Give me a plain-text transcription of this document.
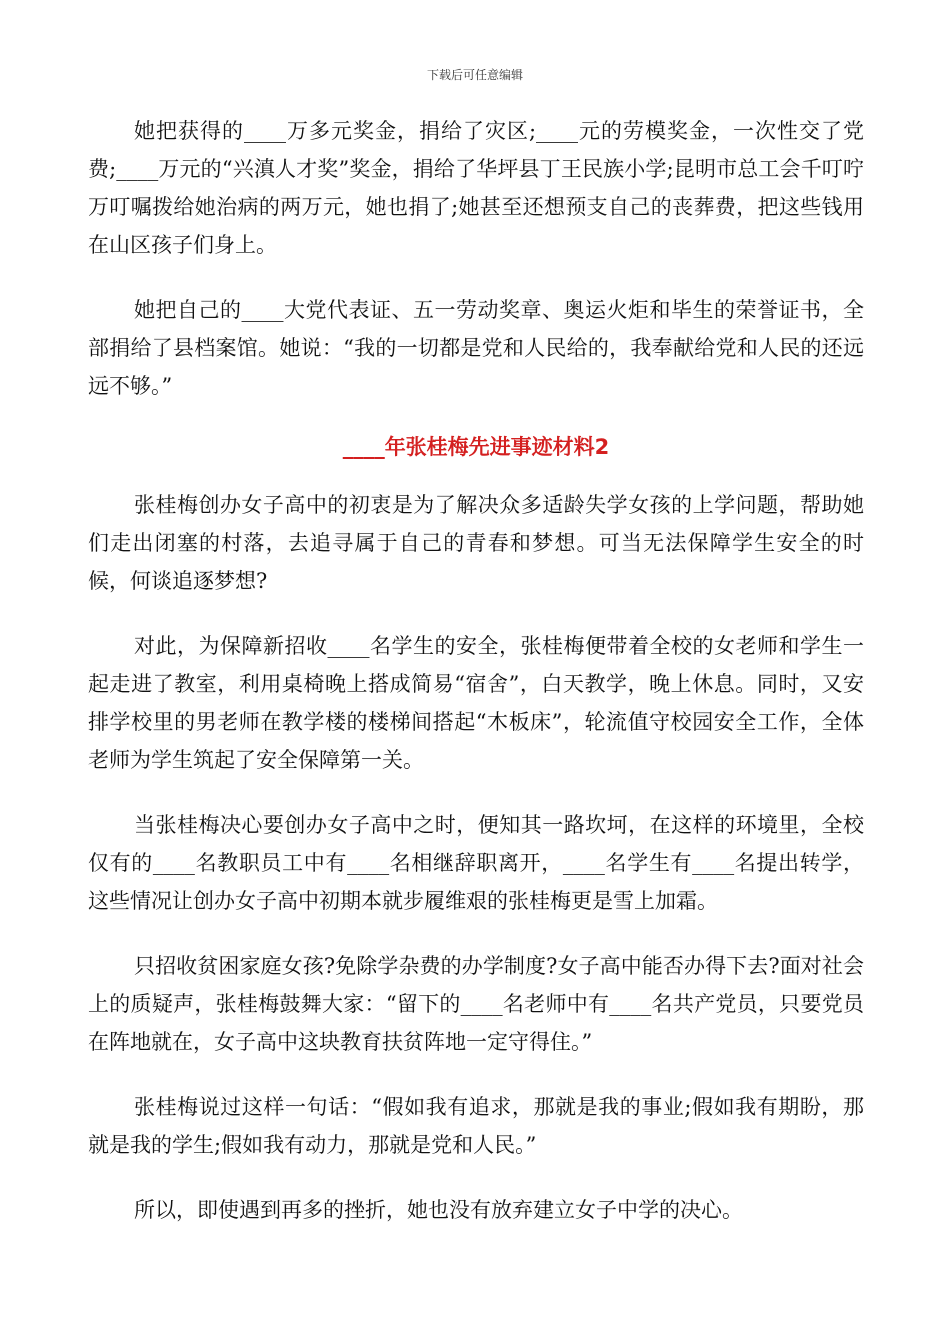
下载后可任意编辑

她把获得的____万多元奖金，捐给了灾区;____元的劳模奖金，一次性交了党费;____万元的“兴滇人才奖”奖金，捐给了华坪县丁王民族小学;昆明市总工会千叮咛万叮嘱拨给她治病的两万元，她也捐了;她甚至还想预支自己的丧葬费，把这些钱用在山区孩子们身上。

她把自己的____大党代表证、五一劳动奖章、奥运火炬和毕生的荣誉证书，全部捐给了县档案馆。她说：“我的一切都是党和人民给的，我奉献给党和人民的还远远不够。”

____年张桂梅先进事迹材料2

张桂梅创办女子高中的初衷是为了解决众多适龄失学女孩的上学问题，帮助她们走出闭塞的村落，去追寻属于自己的青春和梦想。可当无法保障学生安全的时候，何谈追逐梦想?

对此，为保障新招收____名学生的安全，张桂梅便带着全校的女老师和学生一起走进了教室，利用桌椅晚上搭成简易“宿舍”，白天教学，晚上休息。同时，又安排学校里的男老师在教学楼的楼梯间搭起“木板床”，轮流值守校园安全工作，全体老师为学生筑起了安全保障第一关。

当张桂梅决心要创办女子高中之时，便知其一路坎坷，在这样的环境里，全校仅有的____名教职员工中有____名相继辞职离开，____名学生有____名提出转学，这些情况让创办女子高中初期本就步履维艰的张桂梅更是雪上加霜。

只招收贫困家庭女孩?免除学杂费的办学制度?女子高中能否办得下去?面对社会上的质疑声，张桂梅鼓舞大家：“留下的____名老师中有____名共产党员，只要党员在阵地就在，女子高中这块教育扶贫阵地一定守得住。”

张桂梅说过这样一句话：“假如我有追求，那就是我的事业;假如我有期盼，那就是我的学生;假如我有动力，那就是党和人民。”

所以，即使遇到再多的挫折，她也没有放弃建立女子中学的决心。
